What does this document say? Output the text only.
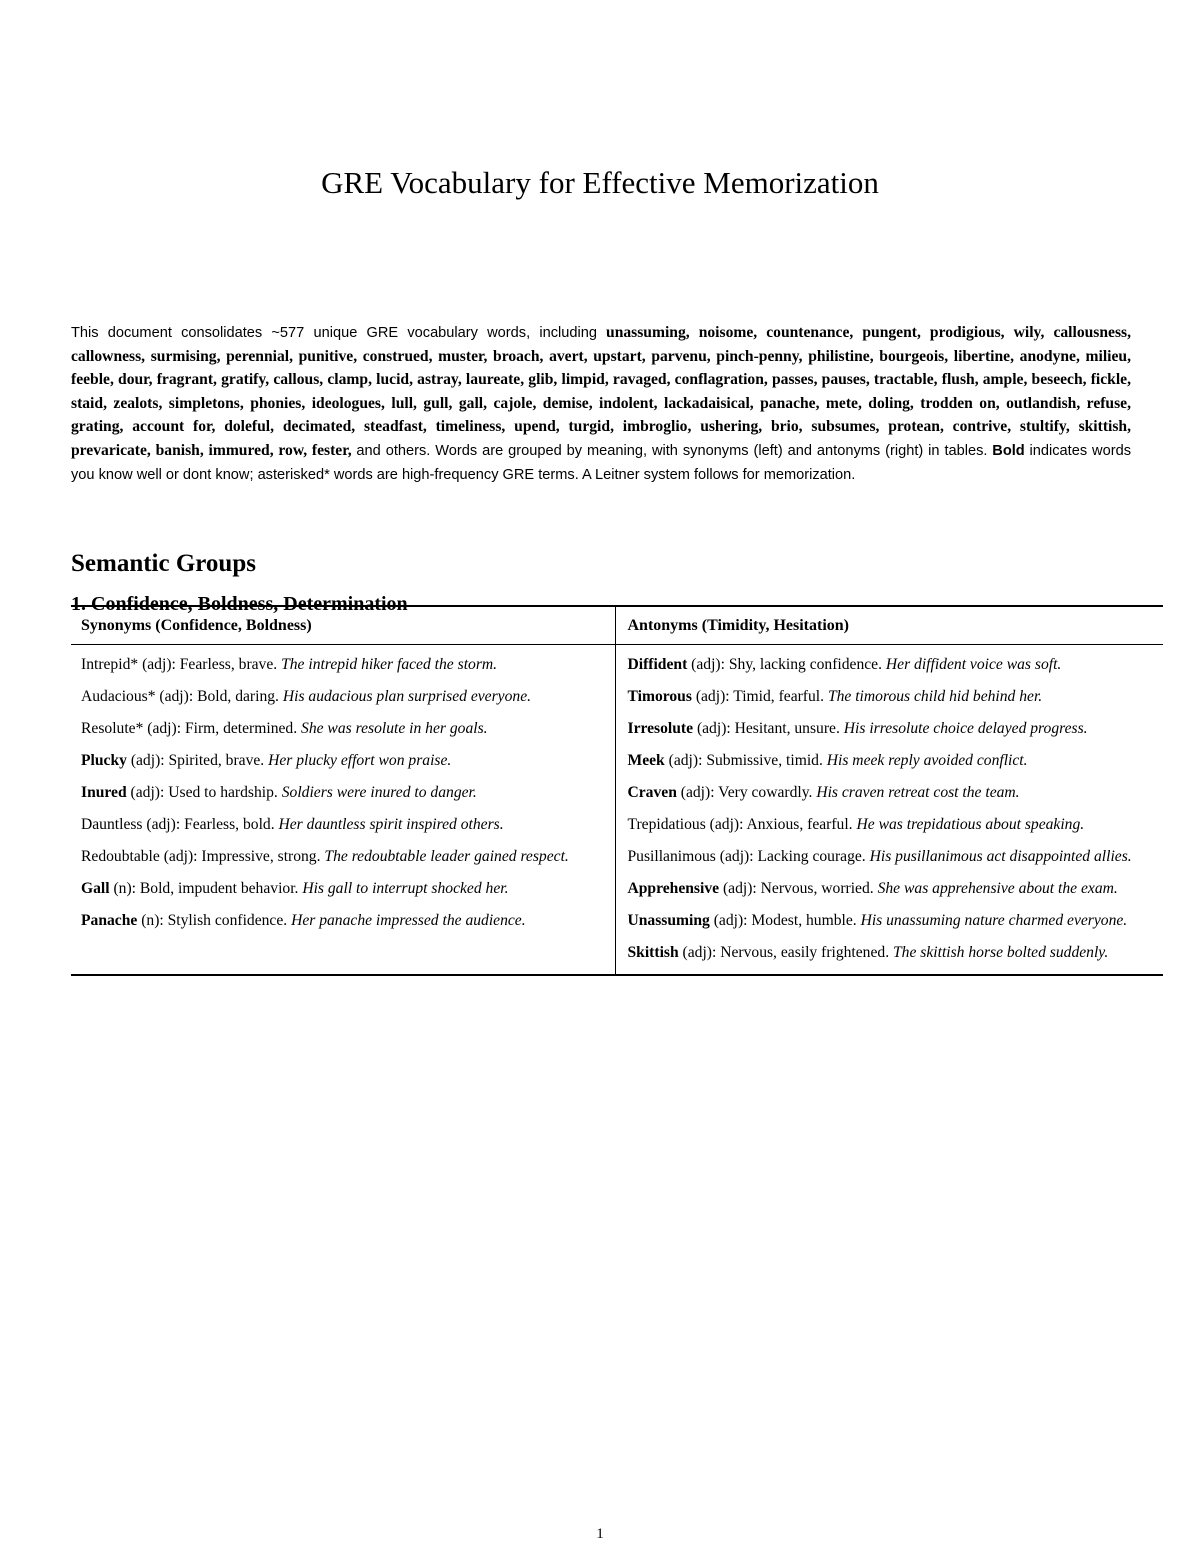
GRE Vocabulary for Effective Memorization

This document consolidates ~577 unique GRE vocabulary words, including unassuming, noisome, countenance, pungent, prodigious, wily, callousness, callowness, surmising, perennial, punitive, construed, muster, broach, avert, upstart, parvenu, pinch-penny, philistine, bourgeois, libertine, anodyne, milieu, feeble, dour, fragrant, gratify, callous, clamp, lucid, astray, laureate, glib, limpid, ravaged, conflagration, passes, pauses, tractable, flush, ample, beseech, fickle, staid, zealots, simpletons, phonies, ideologues, lull, gull, gall, cajole, demise, indolent, lackadaisical, panache, mete, doling, trodden on, outlandish, refuse, grating, account for, doleful, decimated, steadfast, timeliness, upend, turgid, imbroglio, ushering, brio, subsumes, protean, contrive, stultify, skittish, prevaricate, banish, immured, row, fester, and others. Words are grouped by meaning, with synonyms (left) and antonyms (right) in tables. Bold indicates words you know well or dont know; asterisked* words are high-frequency GRE terms. A Leitner system follows for memorization.

Semantic Groups
1. Confidence, Boldness, Determination
Synonyms (Confidence, Boldness)	Antonyms (Timidity, Hesitation)
Intrepid* (adj): Fearless, brave. The intrepid hiker faced the storm.	Diffident (adj): Shy, lacking confidence. Her diffident voice was soft.
Audacious* (adj): Bold, daring. His audacious plan surprised everyone.	Timorous (adj): Timid, fearful. The timorous child hid behind her.
Resolute* (adj): Firm, determined. She was resolute in her goals.	Irresolute (adj): Hesitant, unsure. His irresolute choice delayed progress.
Plucky (adj): Spirited, brave. Her plucky effort won praise.	Meek (adj): Submissive, timid. His meek reply avoided conflict.
Inured (adj): Used to hardship. Soldiers were inured to danger.	Craven (adj): Very cowardly. His craven retreat cost the team.
Dauntless (adj): Fearless, bold. Her dauntless spirit inspired others.	Trepidatious (adj): Anxious, fearful. He was trepidatious about speaking.
Redoubtable (adj): Impressive, strong. The redoubtable leader gained respect.	Pusillanimous (adj): Lacking courage. His pusillanimous act disappointed allies.
Gall (n): Bold, impudent behavior. His gall to interrupt shocked her.	Apprehensive (adj): Nervous, worried. She was apprehensive about the exam.
Panache (n): Stylish confidence. Her panache impressed the audience.	Unassuming (adj): Modest, humble. His unassuming nature charmed everyone.
	Skittish (adj): Nervous, easily frightened. The skittish horse bolted suddenly.
1
